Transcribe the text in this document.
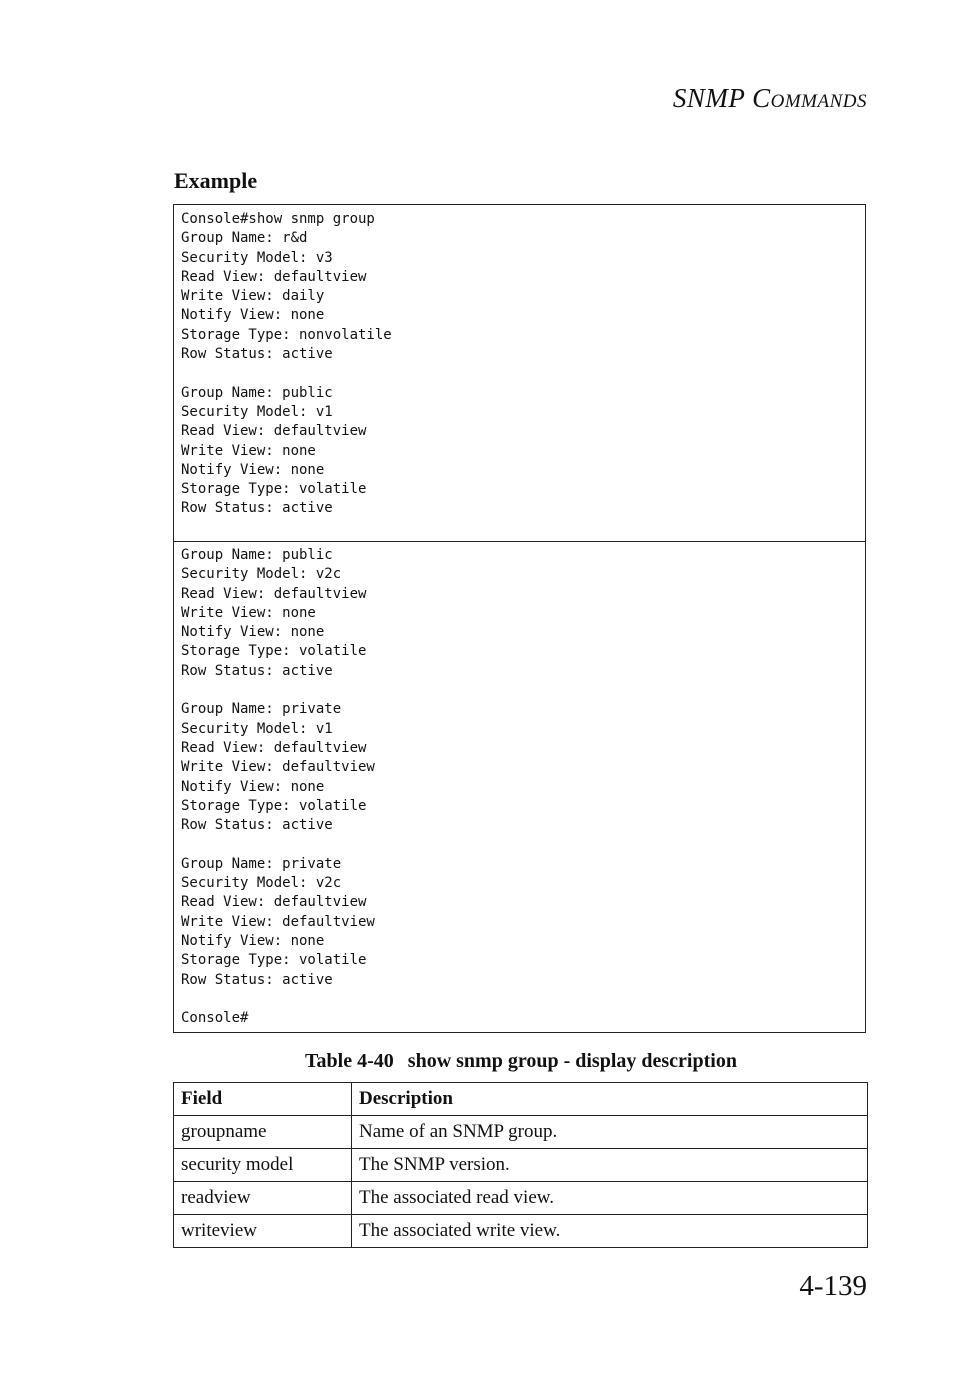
SNMP COMMANDS
Example
Console#show snmp group
Group Name: r&d
Security Model: v3
Read View: defaultview
Write View: daily
Notify View: none
Storage Type: nonvolatile
Row Status: active

Group Name: public
Security Model: v1
Read View: defaultview
Write View: none
Notify View: none
Storage Type: volatile
Row Status: active
Group Name: public
Security Model: v2c
Read View: defaultview
Write View: none
Notify View: none
Storage Type: volatile
Row Status: active

Group Name: private
Security Model: v1
Read View: defaultview
Write View: defaultview
Notify View: none
Storage Type: volatile
Row Status: active

Group Name: private
Security Model: v2c
Read View: defaultview
Write View: defaultview
Notify View: none
Storage Type: volatile
Row Status: active

Console#
Table 4-40 show snmp group - display description
Field	Description
groupname	Name of an SNMP group.
security model	The SNMP version.
readview	The associated read view.
writeview	The associated write view.
4-139
